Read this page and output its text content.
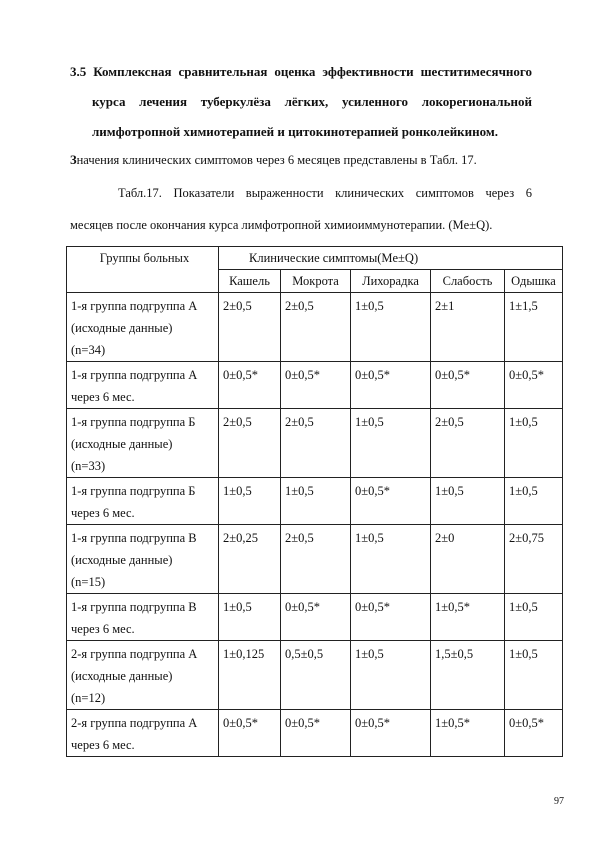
3.5 Комплексная сравнительная оценка эффективности шеститимесячного
курса лечения туберкулёза лёгких, усиленного локорегиональной
лимфотропной химиотерапией и цитокинотерапией ронколейкином.
Значения клинических симптомов через 6 месяцев представлены в Табл. 17.
Табл.17. Показатели выраженности клинических симптомов через 6
месяцев после окончания курса лимфотропной химиоиммунотерапии. (Me±Q).
Группы больных	Клинические симптомы(Me±Q)				
	Кашель	Мокрота	Лихорадка	Слабость	Одышка

1-я группа подгруппа А
(исходные данные)
(n=34)	2±0,5	2±0,5	1±0,5	2±1	1±1,5

1-я группа подгруппа А
через 6 мес.	0±0,5*	0±0,5*	0±0,5*	0±0,5*	0±0,5*

1-я группа подгруппа Б
(исходные данные)
(n=33)	2±0,5	2±0,5	1±0,5	2±0,5	1±0,5

1-я группа подгруппа Б
через 6 мес.	1±0,5	1±0,5	0±0,5*	1±0,5	1±0,5

1-я группа подгруппа В
(исходные данные)
(n=15)	2±0,25	2±0,5	1±0,5	2±0	2±0,75

1-я группа подгруппа В
через 6 мес.	1±0,5	0±0,5*	0±0,5*	1±0,5*	1±0,5

2-я группа подгруппа А
(исходные данные)
(n=12)	1±0,125	0,5±0,5	1±0,5	1,5±0,5	1±0,5

2-я группа подгруппа А
через 6 мес.	0±0,5*	0±0,5*	0±0,5*	1±0,5*	0±0,5*
97
